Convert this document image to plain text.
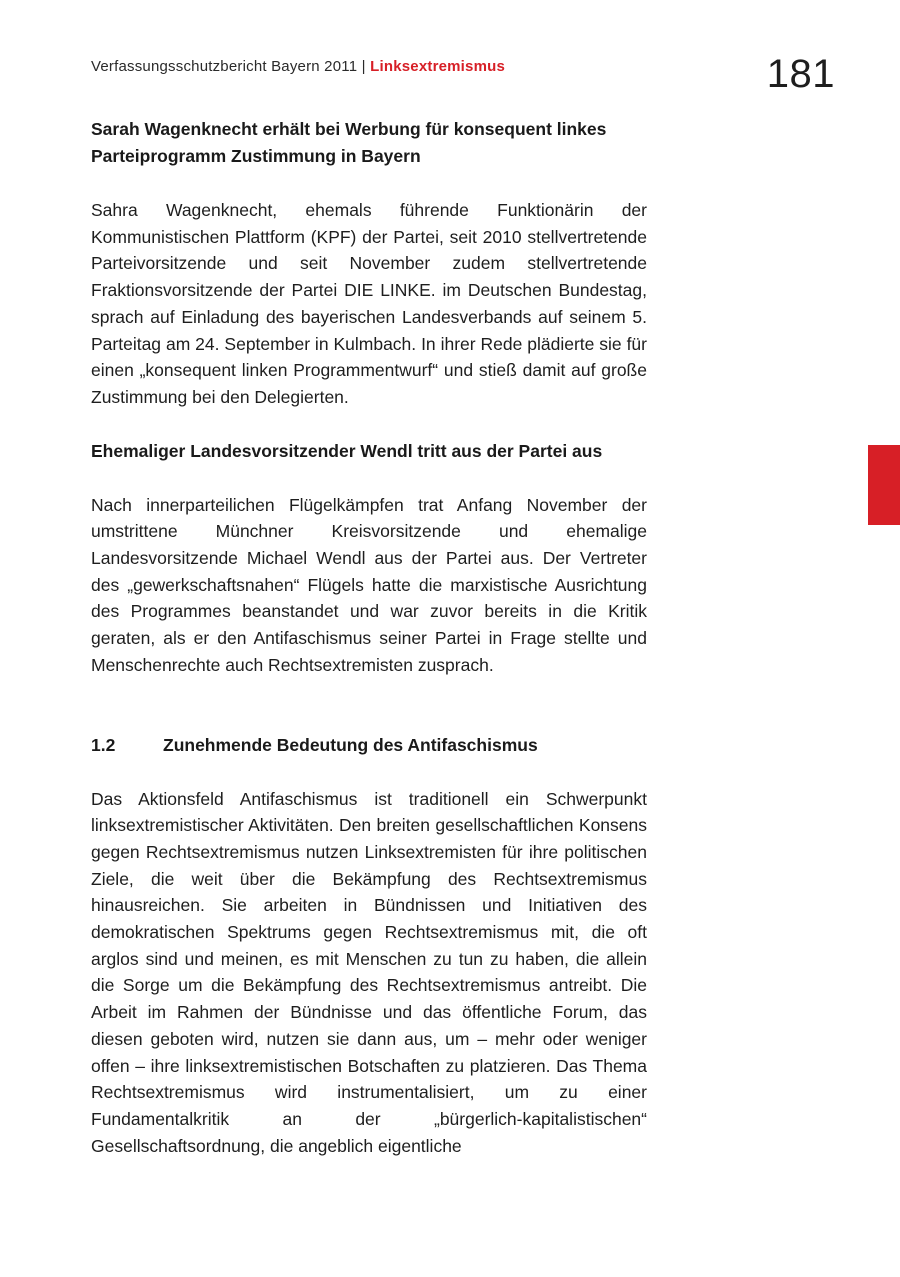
Verfassungsschutzbericht Bayern 2011 | Linksextremismus	181
Sarah Wagenknecht erhält bei Werbung für konsequent linkes Parteiprogramm Zustimmung in Bayern

Sahra Wagenknecht, ehemals führende Funktionärin der Kommunistischen Plattform (KPF) der Partei, seit 2010 stellvertretende Parteivorsitzende und seit November zudem stellvertretende Fraktionsvorsitzende der Partei DIE LINKE. im Deutschen Bundestag, sprach auf Einladung des bayerischen Landesverbands auf seinem 5. Parteitag am 24. September in Kulmbach. In ihrer Rede plädierte sie für einen „konsequent linken Programmentwurf“ und stieß damit auf große Zustimmung bei den Delegierten.

Ehemaliger Landesvorsitzender Wendl tritt aus der Partei aus

Nach innerparteilichen Flügelkämpfen trat Anfang November der umstrittene Münchner Kreisvorsitzende und ehemalige Landesvorsitzende Michael Wendl aus der Partei aus. Der Vertreter des „gewerkschaftsnahen“ Flügels hatte die marxistische Ausrichtung des Programmes beanstandet und war zuvor bereits in die Kritik geraten, als er den Antifaschismus seiner Partei in Frage stellte und Menschenrechte auch Rechtsextremisten zusprach.

1.2	Zunehmende Bedeutung des Antifaschismus

Das Aktionsfeld Antifaschismus ist traditionell ein Schwerpunkt linksextremistischer Aktivitäten. Den breiten gesellschaftlichen Konsens gegen Rechtsextremismus nutzen Linksextremisten für ihre politischen Ziele, die weit über die Bekämpfung des Rechtsextremismus hinausreichen. Sie arbeiten in Bündnissen und Initiativen des demokratischen Spektrums gegen Rechtsextremismus mit, die oft arglos sind und meinen, es mit Menschen zu tun zu haben, die allein die Sorge um die Bekämpfung des Rechtsextremismus antreibt. Die Arbeit im Rahmen der Bündnisse und das öffentliche Forum, das diesen geboten wird, nutzen sie dann aus, um – mehr oder weniger offen – ihre linksextremistischen Botschaften zu platzieren. Das Thema Rechtsextremismus wird instrumentalisiert, um zu einer Fundamentalkritik an der „bürgerlich-kapitalistischen“ Gesellschaftsordnung, die angeblich eigentliche
